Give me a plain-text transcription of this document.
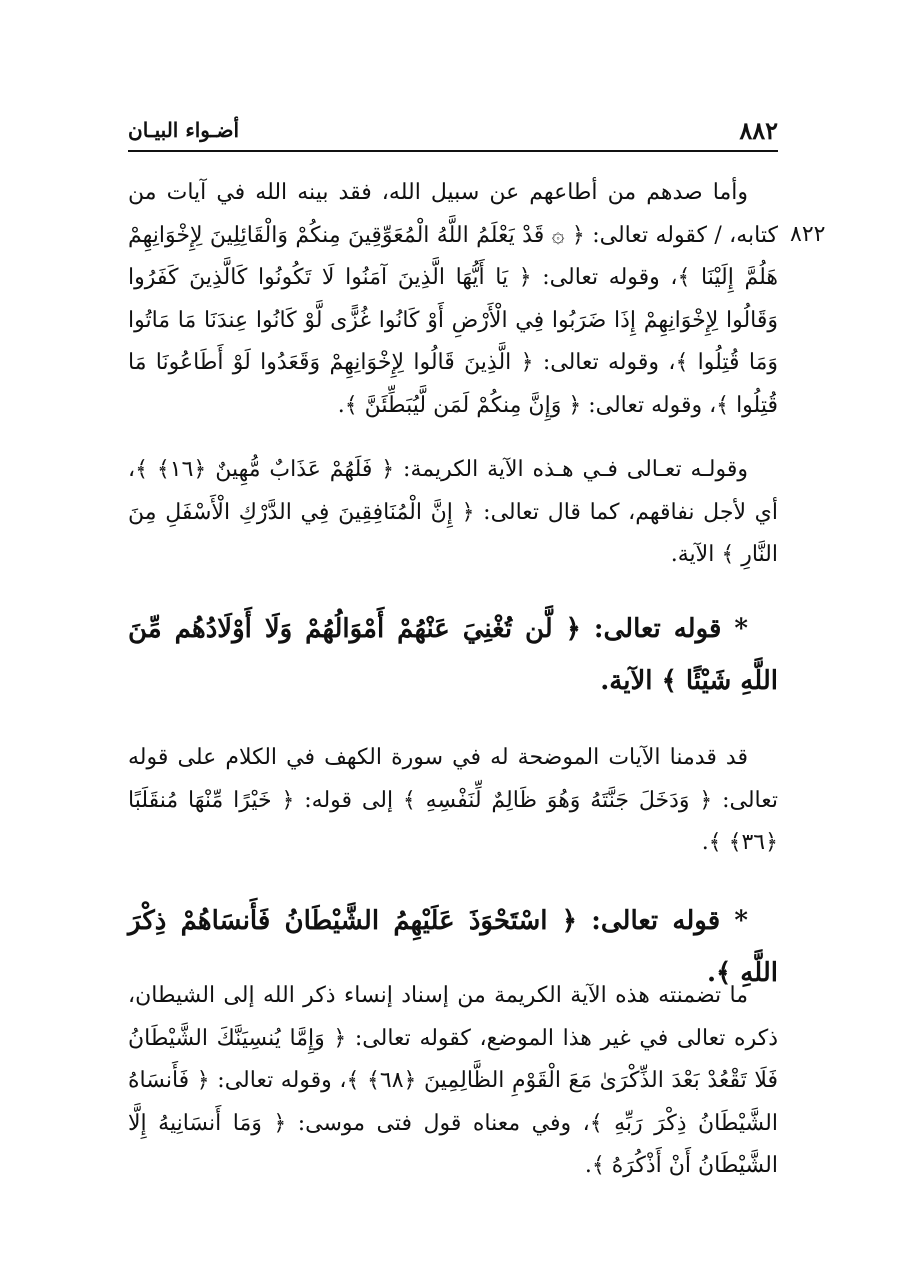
٨٨٢
أضـواء البيـان

وأما صدهم من أطاعهم عن سبيل الله، فقد بينه الله في آيات من كتابه، / كقوله تعالى: ﴿ ۞ قَدْ يَعْلَمُ اللَّهُ الْمُعَوِّقِينَ مِنكُمْ وَالْقَائِلِينَ لِإِخْوَانِهِمْ هَلُمَّ إِلَيْنَا ﴾، وقوله تعالى: ﴿ يَا أَيُّهَا الَّذِينَ آمَنُوا لَا تَكُونُوا كَالَّذِينَ كَفَرُوا وَقَالُوا لِإِخْوَانِهِمْ إِذَا ضَرَبُوا فِي الْأَرْضِ أَوْ كَانُوا غُزًّى لَّوْ كَانُوا عِندَنَا مَا مَاتُوا وَمَا قُتِلُوا ﴾، وقوله تعالى: ﴿ الَّذِينَ قَالُوا لِإِخْوَانِهِمْ وَقَعَدُوا لَوْ أَطَاعُونَا مَا قُتِلُوا ﴾، وقوله تعالى: ﴿ وَإِنَّ مِنكُمْ لَمَن لَّيُبَطِّئَنَّ ﴾.

وقولـه تعـالى فـي هـذه الآية الكريمة: ﴿ فَلَهُمْ عَذَابٌ مُّهِينٌ ﴿١٦﴾ ﴾، أي لأجل نفاقهم، كما قال تعالى: ﴿ إِنَّ الْمُنَافِقِينَ فِي الدَّرْكِ الْأَسْفَلِ مِنَ النَّارِ ﴾ الآية.

* قوله تعالى: ﴿ لَّن تُغْنِيَ عَنْهُمْ أَمْوَالُهُمْ وَلَا أَوْلَادُهُم مِّنَ اللَّهِ شَيْئًا ﴾ الآية.

قد قدمنا الآيات الموضحة له في سورة الكهف في الكلام على قوله تعالى: ﴿ وَدَخَلَ جَنَّتَهُ وَهُوَ ظَالِمٌ لِّنَفْسِهِ ﴾ إلى قوله: ﴿ خَيْرًا مِّنْهَا مُنقَلَبًا ﴿٣٦﴾ ﴾.

* قوله تعالى: ﴿ اسْتَحْوَذَ عَلَيْهِمُ الشَّيْطَانُ فَأَنسَاهُمْ ذِكْرَ اللَّهِ ﴾.

ما تضمنته هذه الآية الكريمة من إسناد إنساء ذكر الله إلى الشيطان، ذكره تعالى في غير هذا الموضع، كقوله تعالى: ﴿ وَإِمَّا يُنسِيَنَّكَ الشَّيْطَانُ فَلَا تَقْعُدْ بَعْدَ الذِّكْرَىٰ مَعَ الْقَوْمِ الظَّالِمِينَ ﴿٦٨﴾ ﴾، وقوله تعالى: ﴿ فَأَنسَاهُ الشَّيْطَانُ ذِكْرَ رَبِّهِ ﴾، وفي معناه قول فتى موسى: ﴿ وَمَا أَنسَانِيهُ إِلَّا الشَّيْطَانُ أَنْ أَذْكُرَهُ ﴾.

٨٢٢
